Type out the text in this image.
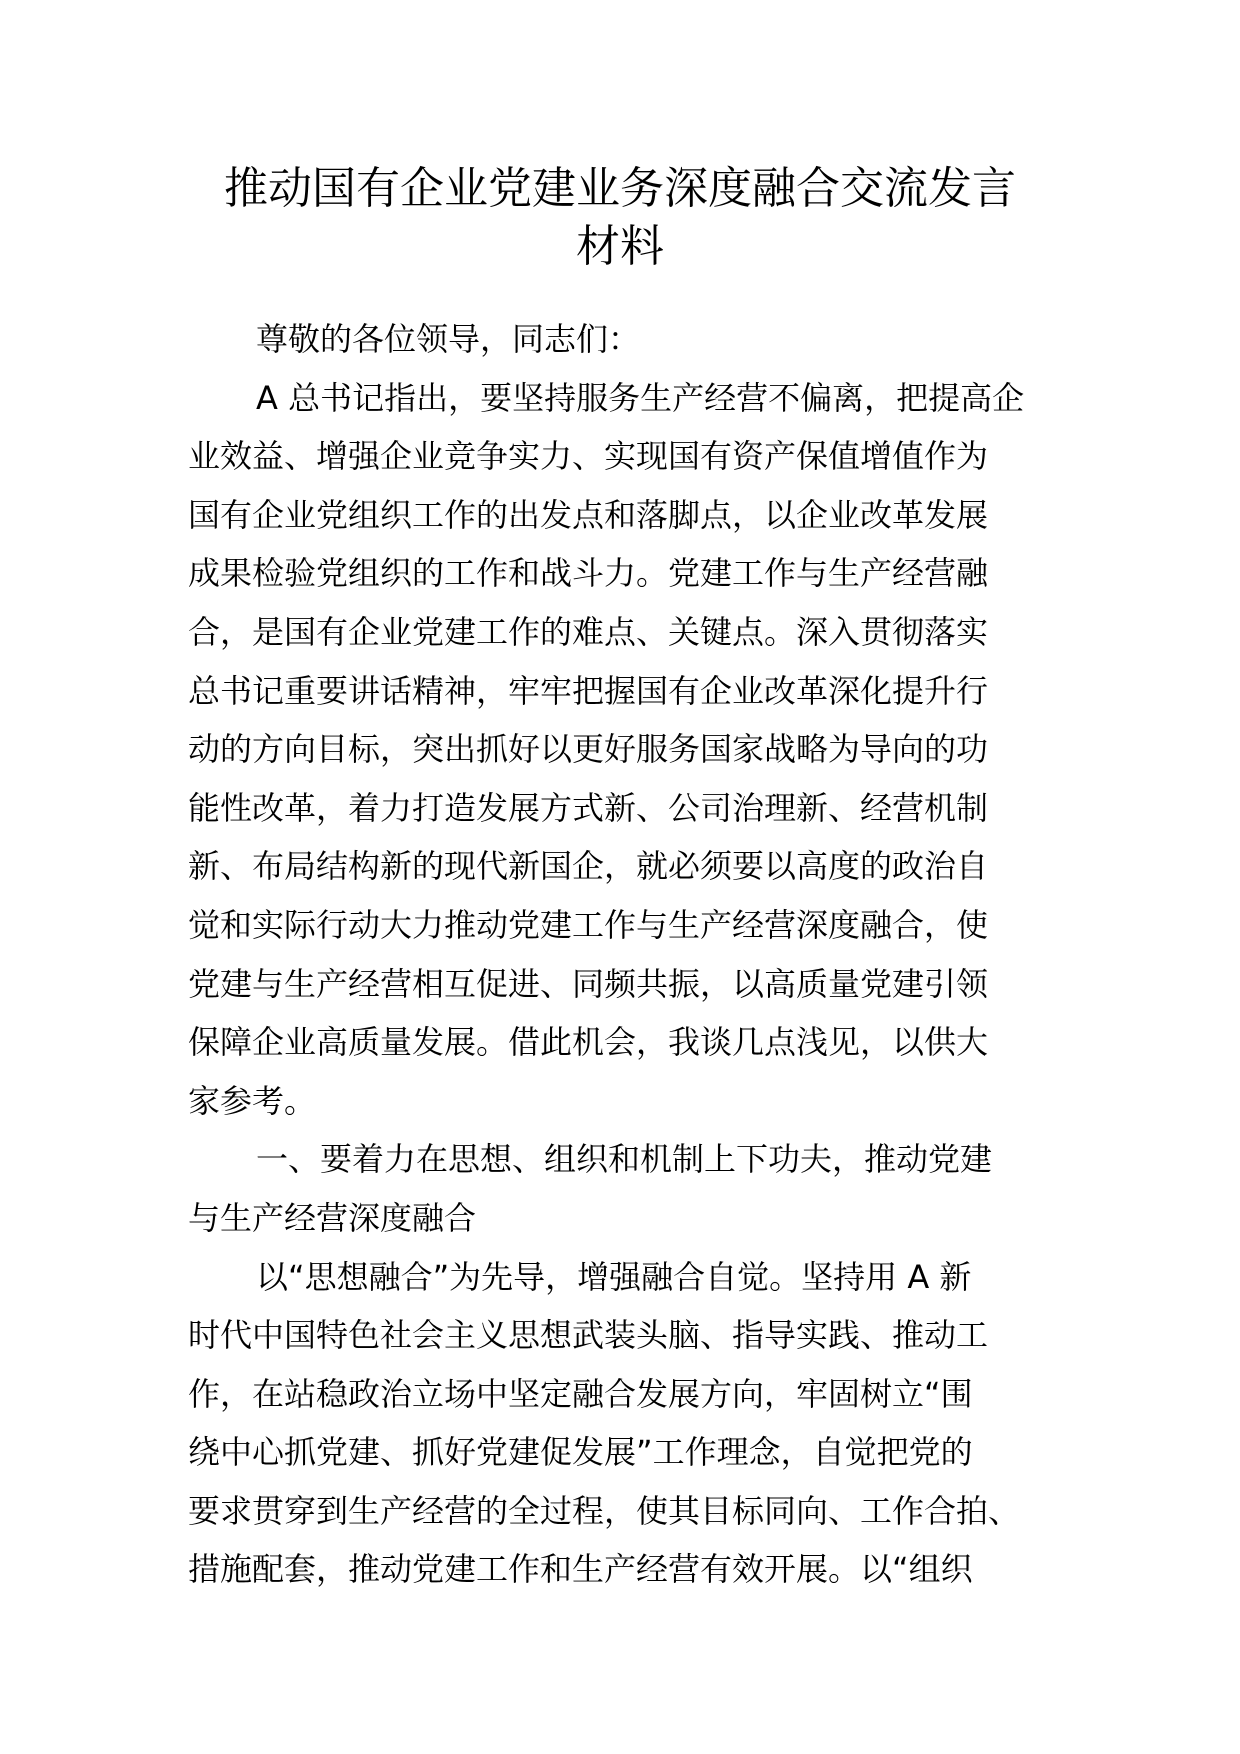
推动国有企业党建业务深度融合交流发言
材料
尊敬的各位领导，同志们：
A 总书记指出，要坚持服务生产经营不偏离，把提高企
业效益、增强企业竞争实力、实现国有资产保值增值作为
国有企业党组织工作的出发点和落脚点，以企业改革发展
成果检验党组织的工作和战斗力。党建工作与生产经营融
合，是国有企业党建工作的难点、关键点。深入贯彻落实
总书记重要讲话精神，牢牢把握国有企业改革深化提升行
动的方向目标，突出抓好以更好服务国家战略为导向的功
能性改革，着力打造发展方式新、公司治理新、经营机制
新、布局结构新的现代新国企，就必须要以高度的政治自
觉和实际行动大力推动党建工作与生产经营深度融合，使
党建与生产经营相互促进、同频共振，以高质量党建引领
保障企业高质量发展。借此机会，我谈几点浅见，以供大
家参考。
一、要着力在思想、组织和机制上下功夫，推动党建
与生产经营深度融合
以“思想融合”为先导，增强融合自觉。坚持用 A 新
时代中国特色社会主义思想武装头脑、指导实践、推动工
作，在站稳政治立场中坚定融合发展方向，牢固树立“围
绕中心抓党建、抓好党建促发展”工作理念，自觉把党的
要求贯穿到生产经营的全过程，使其目标同向、工作合拍、
措施配套，推动党建工作和生产经营有效开展。以“组织
